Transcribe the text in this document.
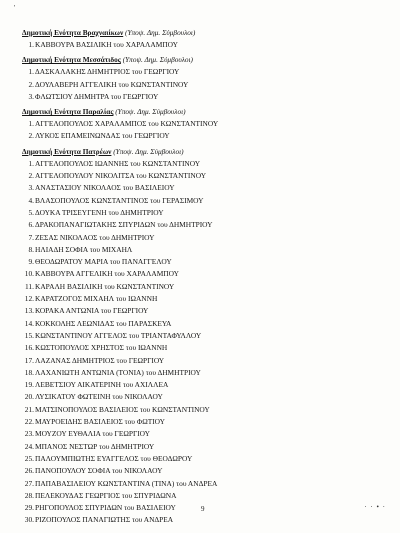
'
Δημοτική Ενότητα Βραχναιίκων (Υποψ. Δημ. Σύμβουλοι)
1 . ΚΑΒΒΟΥΡΑ ΒΑΣΙΛΙΚΗ του ΧΑΡΑΛΑΜΠΟΥ
Δημοτική Ενότητα Μεσσάτιδος (Υποψ. Δημ. Σύμβουλοι)
1 . ΔΑΣΚΑΛΑΚΗΣ ΔΗΜΗΤΡΙΟΣ του ΓΕΩΡΓΙΟΥ
2 . ΔΟΥΛΑΒΕΡΗ ΑΓΓΕΛΙΚΗ του ΚΩΝΣΤΑΝΤΙΝΟΥ
3 . ΦΛΩΤΣΙΟΥ ΔΗΜΗΤΡΑ του ΓΕΩΡΓΙΟΥ
Δημοτική Ενότητα Παραλίας (Υποψ. Δημ. Σύμβουλοι)
1 . ΑΓΓΕΛΟΠΟΥΛΟΣ ΧΑΡΑΛΑΜΠΟΣ του ΚΩΝΣΤΑΝΤΙΝΟΥ
2 . ΛΥΚΟΣ ΕΠΑΜΕΙΝΩΝΔΑΣ του ΓΕΩΡΓΙΟΥ
Δημοτική Ενότητα Πατρέων (Υποψ. Δημ. Σύμβουλοι)
1 . ΑΓΓΕΛΟΠΟΥΛΟΣ ΙΩΑΝΝΗΣ του ΚΩΝΣΤΑΝΤΙΝΟΥ
2 . ΑΓΓΕΛΟΠΟΥΛΟΥ ΝΙΚΟΛΙΤΣΑ του ΚΩΝΣΤΑΝΤΙΝΟΥ
3 . ΑΝΑΣΤΑΣΙΟΥ ΝΙΚΟΛΑΟΣ του ΒΑΣΙΛΕΙΟΥ
4 . ΒΛΑΣΟΠΟΥΛΟΣ ΚΩΝΣΤΑΝΤΙΝΟΣ του ΓΕΡΑΣΙΜΟΥ
5 . ΔΟΥΚΑ ΤΡΙΣΕΥΓΕΝΗ του ΔΗΜΗΤΡΙΟΥ
6 . ΔΡΑΚΟΠΑΝΑΓΙΩΤΑΚΗΣ ΣΠΥΡΙΔΩΝ του ΔΗΜΗΤΡΙΟΥ
7 . ΖΕΣΑΣ ΝΙΚΟΛΑΟΣ του ΔΗΜΗΤΡΙΟΥ
8 . ΗΛΙΑΔΗ ΣΟΦΙΑ του ΜΙΧΑΗΛ
9 . ΘΕΟΔΩΡΑΤΟΥ ΜΑΡΙΑ του ΠΑΝΑΓΓΕΛΟΥ
10 . ΚΑΒΒΟΥΡΑ ΑΓΓΕΛΙΚΗ του ΧΑΡΑΛΑΜΠΟΥ
11 . ΚΑΡΑΛΗ ΒΑΣΙΛΙΚΗ του ΚΩΝΣΤΑΝΤΙΝΟΥ
12 . ΚΑΡΑΤΖΟΓΟΣ ΜΙΧΑΗΛ του ΙΩΑΝΝΗ
13 . ΚΟΡΑΚΑ ΑΝΤΩΝΙΑ του ΓΕΩΡΓΙΟΥ
14 . ΚΟΚΚΟΛΗΣ ΛΕΩΝΙΔΑΣ του ΠΑΡΑΣΚΕΥΑ
15 . ΚΩΝΣΤΑΝΤΙΝΟΥ ΑΓΓΕΛΟΣ του ΤΡΙΑΝΤΑΦΥΛΛΟΥ
16 . ΚΩΣΤΟΠΟΥΛΟΣ ΧΡΗΣΤΟΣ του ΙΩΑΝΝΗ
17 . ΛΑΖΑΝΑΣ ΔΗΜΗΤΡΙΟΣ του ΓΕΩΡΓΙΟΥ
18 . ΛΑΧΑΝΙΩΤΗ ΑΝΤΩΝΙΑ (ΤΟΝΙΑ) του ΔΗΜΗΤΡΙΟΥ
19 . ΛΕΒΕΤΣΙΟΥ ΑΙΚΑΤΕΡΙΝΗ του ΑΧΙΛΛΕΑ
20 . ΛΥΣΙΚΑΤΟΥ ΦΩΤΕΙΝΗ του ΝΙΚΟΛΑΟΥ
21 . ΜΑΤΣΙΝΟΠΟΥΛΟΣ ΒΑΣΙΛΕΙΟΣ του ΚΩΝΣΤΑΝΤΙΝΟΥ
22 . ΜΑΥΡΟΕΙΔΗΣ ΒΑΣΙΛΕΙΟΣ του ΦΩΤΙΟΥ
23 . ΜΟΥΖΟΥ ΕΥΘΑΛΙΑ του ΓΕΩΡΓΙΟΥ
24 . ΜΠΑΝΟΣ ΝΕΣΤΩΡ του ΔΗΜΗΤΡΙΟΥ
25 . ΠΑΛΟΥΜΠΙΩΤΗΣ ΕΥΑΓΓΕΛΟΣ του ΘΕΟΔΩΡΟΥ
26 . ΠΑΝΟΠΟΥΛΟΥ ΣΟΦΙΑ του ΝΙΚΟΛΑΟΥ
27 . ΠΑΠΑΒΑΣΙΛΕΙΟΥ ΚΩΝΣΤΑΝΤΙΝΑ (ΤΙΝΑ) του ΑΝΔΡΕΑ
28 . ΠΕΛΕΚΟΥΔΑΣ ΓΕΩΡΓΙΟΣ του ΣΠΥΡΙΔΩΝΑ
29 . ΡΗΓΟΠΟΥΛΟΣ ΣΠΥΡΙΔΩΝ του ΒΑΣΙΛΕΙΟΥ
30 . ΡΙΖΟΠΟΥΛΟΣ ΠΑΝΑΓΙΩΤΗΣ του ΑΝΔΡΕΑ
9	· · • ·
